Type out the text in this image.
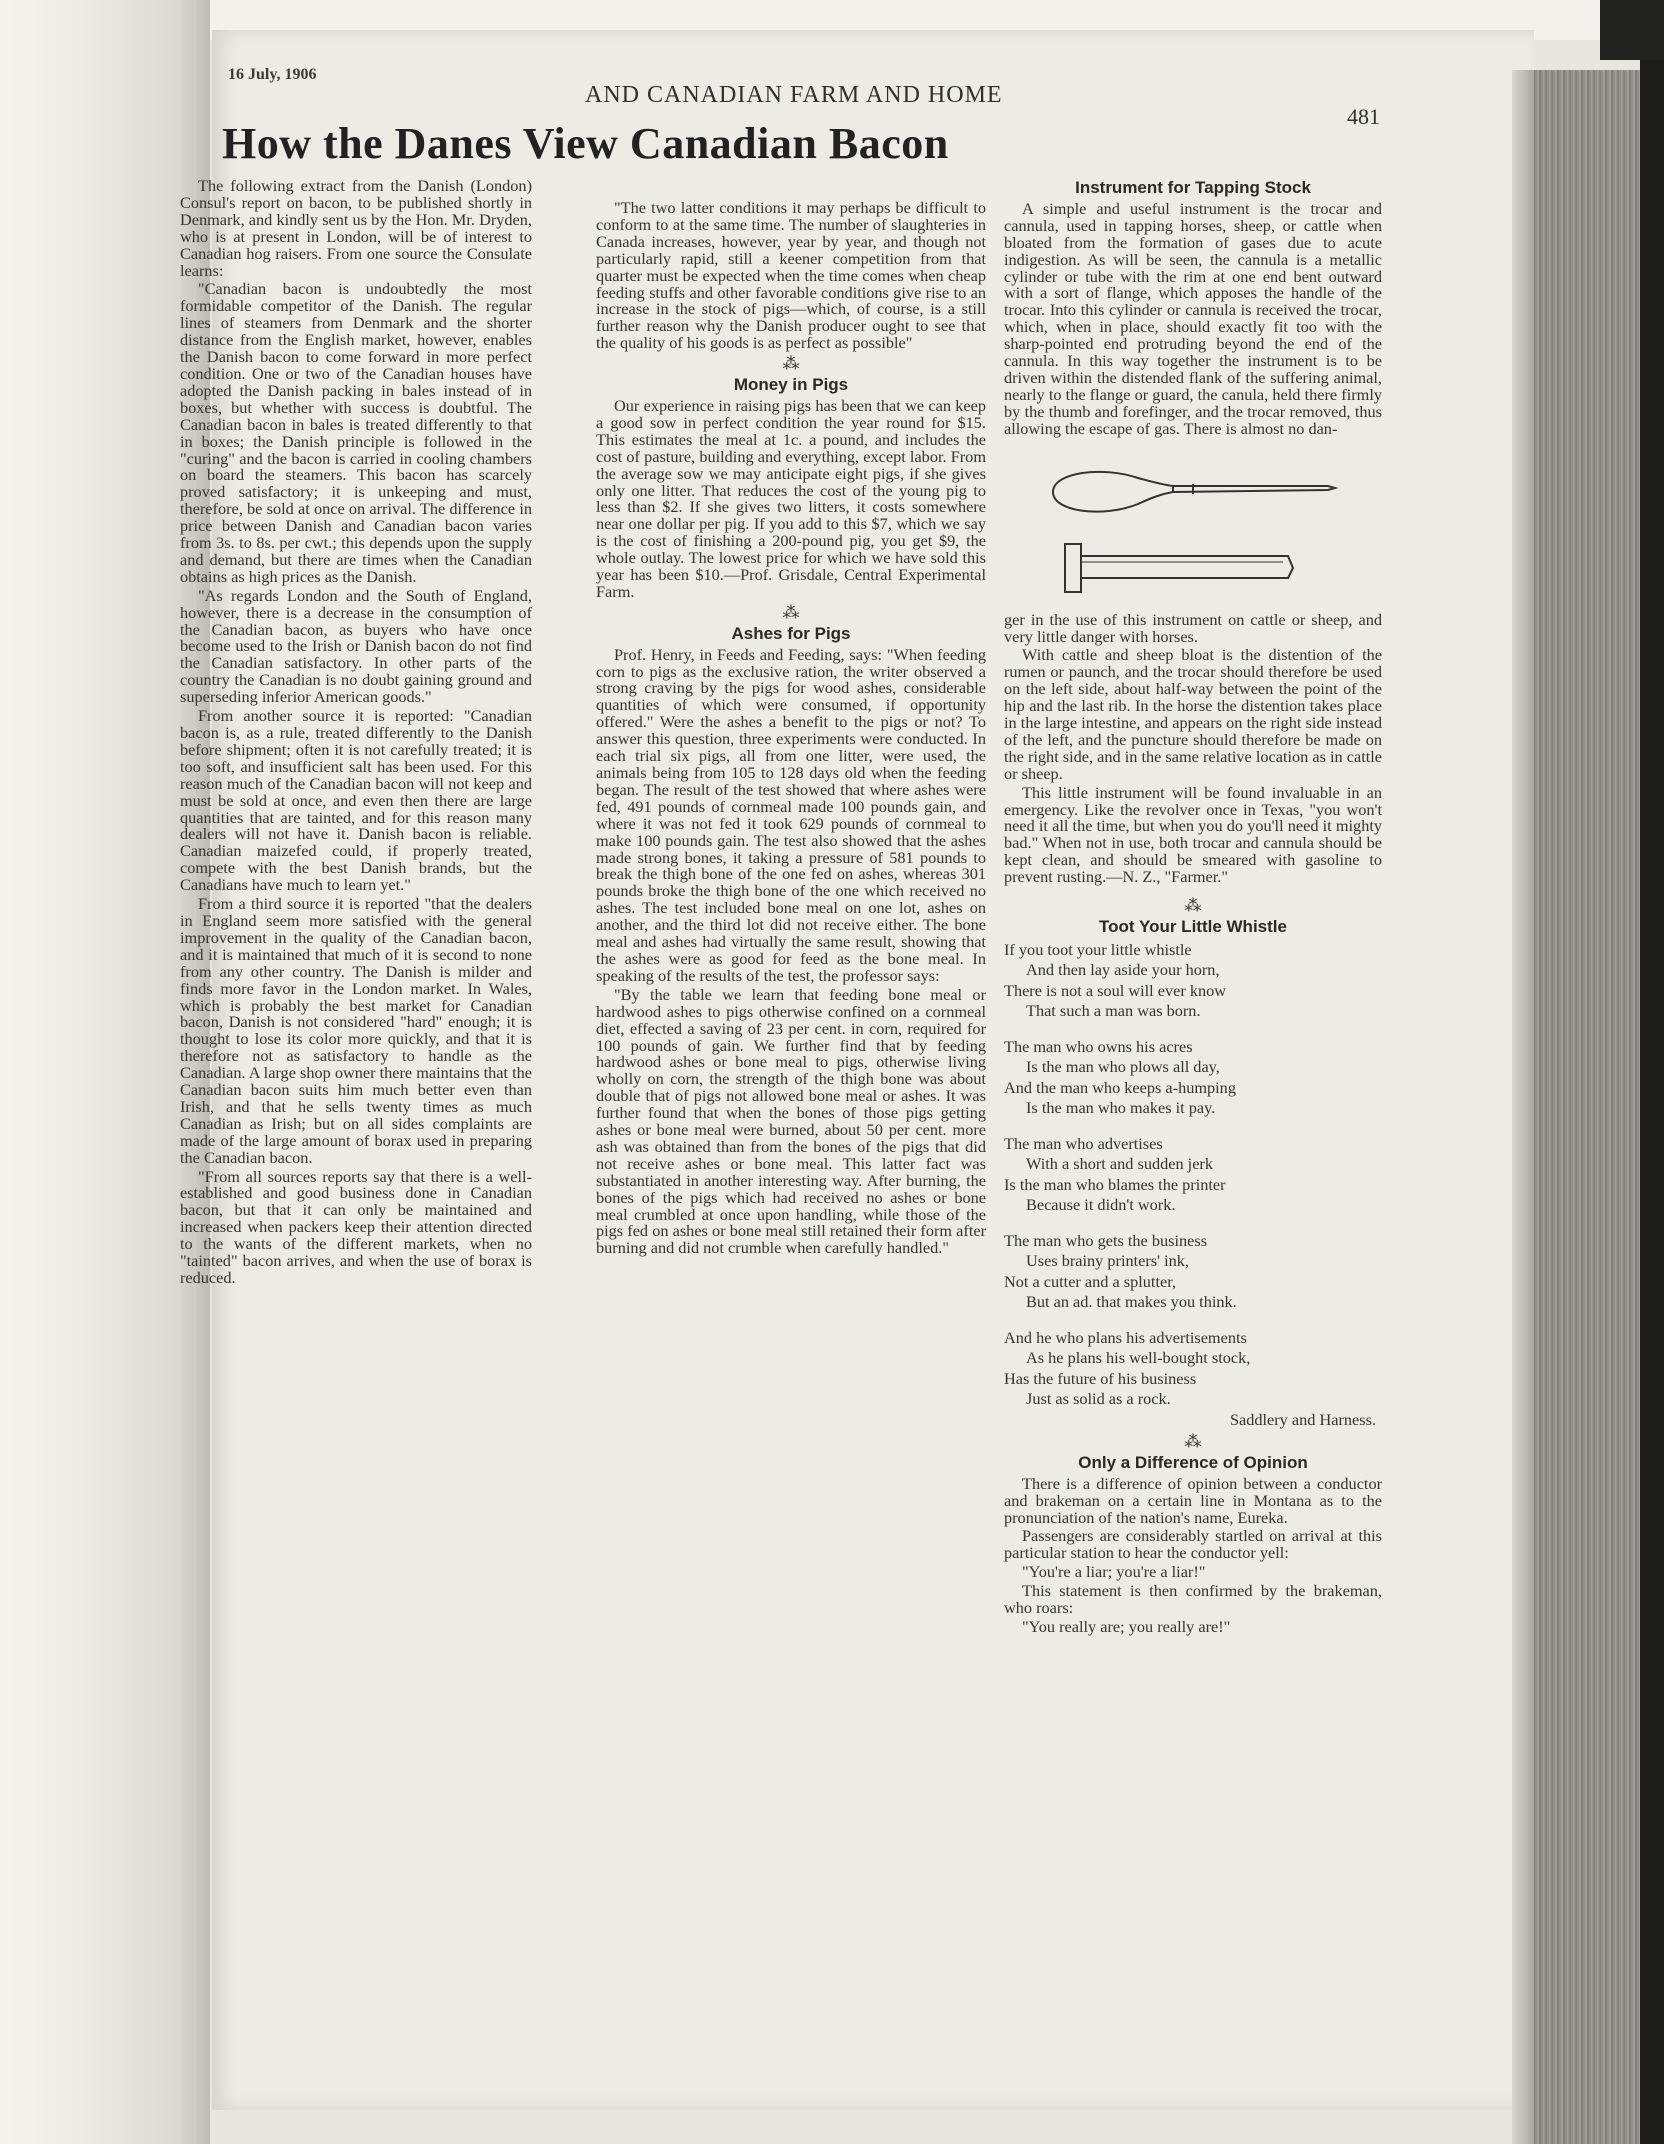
16 July, 1906
AND CANADIAN FARM AND HOME
481
How the Danes View Canadian Bacon

The following extract from the Danish (London) Consul's report on bacon, to be published shortly in Denmark, and kindly sent us by the Hon. Mr. Dryden, who is at present in London, will be of interest to Canadian hog raisers. From one source the Consulate learns:

"Canadian bacon is undoubtedly the most formidable competitor of the Danish. The regular lines of steamers from Denmark and the shorter distance from the English market, however, enables the Danish bacon to come forward in more perfect condition. One or two of the Canadian houses have adopted the Danish packing in bales instead of in boxes, but whether with success is doubtful. The Canadian bacon in bales is treated differently to that in boxes; the Danish principle is followed in the "curing" and the bacon is carried in cooling chambers on board the steamers. This bacon has scarcely proved satisfactory; it is unkeeping and must, therefore, be sold at once on arrival. The difference in price between Danish and Canadian bacon varies from 3s. to 8s. per cwt.; this depends upon the supply and demand, but there are times when the Canadian obtains as high prices as the Danish.

"As regards London and the South of England, however, there is a decrease in the consumption of the Canadian bacon, as buyers who have once become used to the Irish or Danish bacon do not find the Canadian satisfactory. In other parts of the country the Canadian is no doubt gaining ground and superseding inferior American goods."

From another source it is reported: "Canadian bacon is, as a rule, treated differently to the Danish before shipment; often it is not carefully treated; it is too soft, and insufficient salt has been used. For this reason much of the Canadian bacon will not keep and must be sold at once, and even then there are large quantities that are tainted, and for this reason many dealers will not have it. Danish bacon is reliable. Canadian maizefed could, if properly treated, compete with the best Danish brands, but the Canadians have much to learn yet."

From a third source it is reported "that the dealers in England seem more satisfied with the general improvement in the quality of the Canadian bacon, and it is maintained that much of it is second to none from any other country. The Danish is milder and finds more favor in the London market. In Wales, which is probably the best market for Canadian bacon, Danish is not considered "hard" enough; it is thought to lose its color more quickly, and that it is therefore not as satisfactory to handle as the Canadian. A large shop owner there maintains that the Canadian bacon suits him much better even than Irish, and that he sells twenty times as much Canadian as Irish; but on all sides complaints are made of the large amount of borax used in preparing the Canadian bacon.

"From all sources reports say that there is a well-established and good business done in Canadian bacon, but that it can only be maintained and increased when packers keep their attention directed to the wants of the different markets, when no "tainted" bacon arrives, and when the use of borax is reduced.

"The two latter conditions it may perhaps be difficult to conform to at the same time. The number of slaughteries in Canada increases, however, year by year, and though not particularly rapid, still a keener competition from that quarter must be expected when the time comes when cheap feeding stuffs and other favorable conditions give rise to an increase in the stock of pigs—which, of course, is a still further reason why the Danish producer ought to see that the quality of his goods is as perfect as possible"

⁂
Money in Pigs

Our experience in raising pigs has been that we can keep a good sow in perfect condition the year round for $15. This estimates the meal at 1c. a pound, and includes the cost of pasture, building and everything, except labor. From the average sow we may anticipate eight pigs, if she gives only one litter. That reduces the cost of the young pig to less than $2. If she gives two litters, it costs somewhere near one dollar per pig. If you add to this $7, which we say is the cost of finishing a 200-pound pig, you get $9, the whole outlay. The lowest price for which we have sold this year has been $10.—Prof. Grisdale, Central Experimental Farm.

⁂
Ashes for Pigs

Prof. Henry, in Feeds and Feeding, says: "When feeding corn to pigs as the exclusive ration, the writer observed a strong craving by the pigs for wood ashes, considerable quantities of which were consumed, if opportunity offered." Were the ashes a benefit to the pigs or not? To answer this question, three experiments were conducted. In each trial six pigs, all from one litter, were used, the animals being from 105 to 128 days old when the feeding began. The result of the test showed that where ashes were fed, 491 pounds of cornmeal made 100 pounds gain, and where it was not fed it took 629 pounds of cornmeal to make 100 pounds gain. The test also showed that the ashes made strong bones, it taking a pressure of 581 pounds to break the thigh bone of the one fed on ashes, whereas 301 pounds broke the thigh bone of the one which received no ashes. The test included bone meal on one lot, ashes on another, and the third lot did not receive either. The bone meal and ashes had virtually the same result, showing that the ashes were as good for feed as the bone meal. In speaking of the results of the test, the professor says:

"By the table we learn that feeding bone meal or hardwood ashes to pigs otherwise confined on a cornmeal diet, effected a saving of 23 per cent. in corn, required for 100 pounds of gain. We further find that by feeding hardwood ashes or bone meal to pigs, otherwise living wholly on corn, the strength of the thigh bone was about double that of pigs not allowed bone meal or ashes. It was further found that when the bones of those pigs getting ashes or bone meal were burned, about 50 per cent. more ash was obtained than from the bones of the pigs that did not receive ashes or bone meal. This latter fact was substantiated in another interesting way. After burning, the bones of the pigs which had received no ashes or bone meal crumbled at once upon handling, while those of the pigs fed on ashes or bone meal still retained their form after burning and did not crumble when carefully handled."

Instrument for Tapping Stock

A simple and useful instrument is the trocar and cannula, used in tapping horses, sheep, or cattle when bloated from the formation of gases due to acute indigestion. As will be seen, the cannula is a metallic cylinder or tube with the rim at one end bent outward with a sort of flange, which apposes the handle of the trocar. Into this cylinder or cannula is received the trocar, which, when in place, should exactly fit too with the sharp-pointed end protruding beyond the end of the cannula. In this way together the instrument is to be driven within the distended flank of the suffering animal, nearly to the flange or guard, the canula, held there firmly by the thumb and forefinger, and the trocar removed, thus allowing the escape of gas. There is almost no dan-

ger in the use of this instrument on cattle or sheep, and very little danger with horses.

With cattle and sheep bloat is the distention of the rumen or paunch, and the trocar should therefore be used on the left side, about half-way between the point of the hip and the last rib. In the horse the distention takes place in the large intestine, and appears on the right side instead of the left, and the puncture should therefore be made on the right side, and in the same relative location as in cattle or sheep.

This little instrument will be found invaluable in an emergency. Like the revolver once in Texas, "you won't need it all the time, but when you do you'll need it mighty bad." When not in use, both trocar and cannula should be kept clean, and should be smeared with gasoline to prevent rusting.—N. Z., "Farmer."

⁂
Toot Your Little Whistle
If you toot your little whistle
And then lay aside your horn,
There is not a soul will ever know
That such a man was born.
The man who owns his acres
Is the man who plows all day,
And the man who keeps a-humping
Is the man who makes it pay.
The man who advertises
With a short and sudden jerk
Is the man who blames the printer
Because it didn't work.
The man who gets the business
Uses brainy printers' ink,
Not a cutter and a splutter,
But an ad. that makes you think.
And he who plans his advertisements
As he plans his well-bought stock,
Has the future of his business
Just as solid as a rock.
Saddlery and Harness.
⁂
Only a Difference of Opinion

There is a difference of opinion between a conductor and brakeman on a certain line in Montana as to the pronunciation of the nation's name, Eureka.

Passengers are considerably startled on arrival at this particular station to hear the conductor yell:

"You're a liar; you're a liar!"

This statement is then confirmed by the brakeman, who roars:

"You really are; you really are!"
